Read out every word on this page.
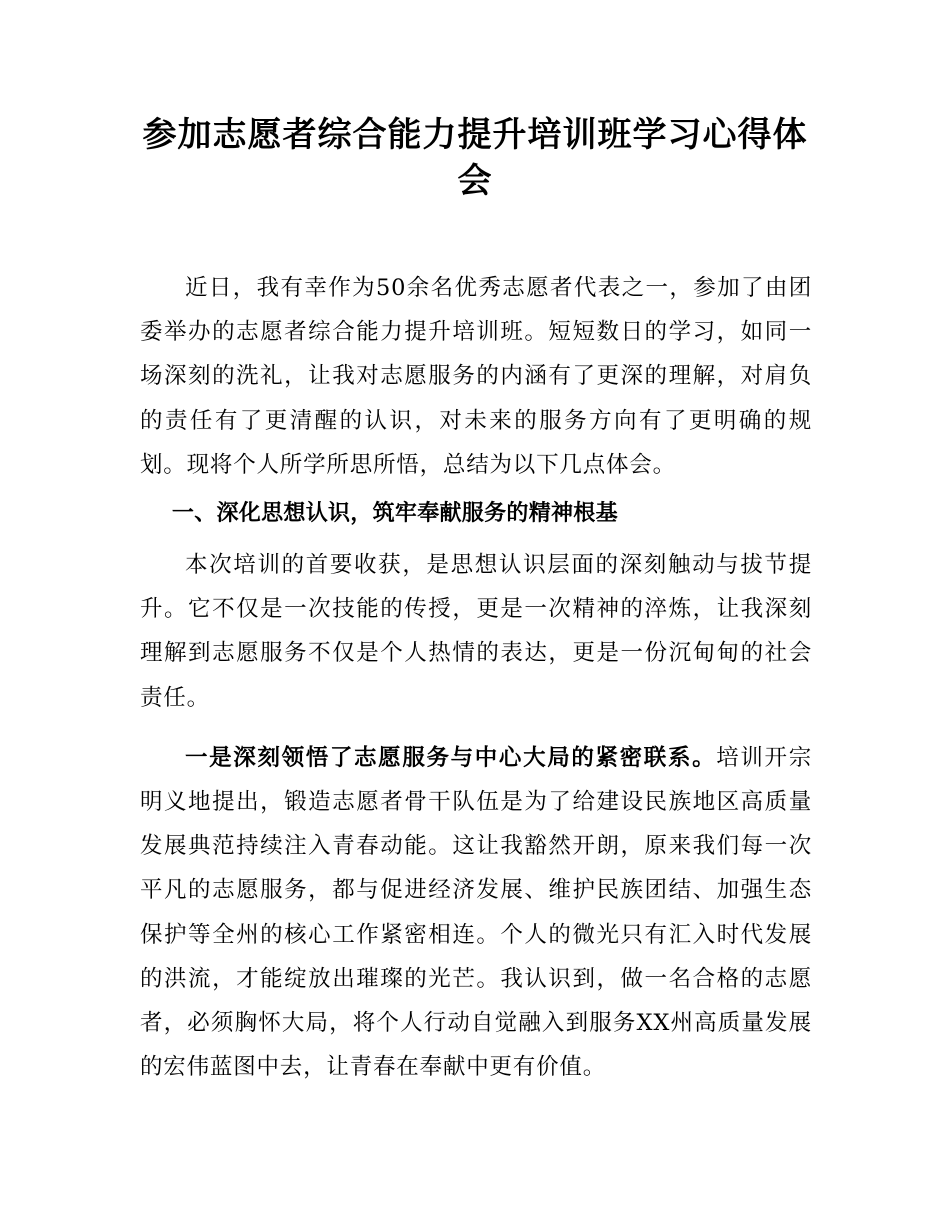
参加志愿者综合能力提升培训班学习心得体会

近日，我有幸作为50余名优秀志愿者代表之一，参加了由团委举办的志愿者综合能力提升培训班。短短数日的学习，如同一场深刻的洗礼，让我对志愿服务的内涵有了更深的理解，对肩负的责任有了更清醒的认识，对未来的服务方向有了更明确的规划。现将个人所学所思所悟，总结为以下几点体会。

一、深化思想认识，筑牢奉献服务的精神根基

本次培训的首要收获，是思想认识层面的深刻触动与拔节提升。它不仅是一次技能的传授，更是一次精神的淬炼，让我深刻理解到志愿服务不仅是个人热情的表达，更是一份沉甸甸的社会责任。

一是深刻领悟了志愿服务与中心大局的紧密联系。培训开宗明义地提出，锻造志愿者骨干队伍是为了给建设民族地区高质量发展典范持续注入青春动能。这让我豁然开朗，原来我们每一次平凡的志愿服务，都与促进经济发展、维护民族团结、加强生态保护等全州的核心工作紧密相连。个人的微光只有汇入时代发展的洪流，才能绽放出璀璨的光芒。我认识到，做一名合格的志愿者，必须胸怀大局，将个人行动自觉融入到服务XX州高质量发展的宏伟蓝图中去，让青春在奉献中更有价值。
